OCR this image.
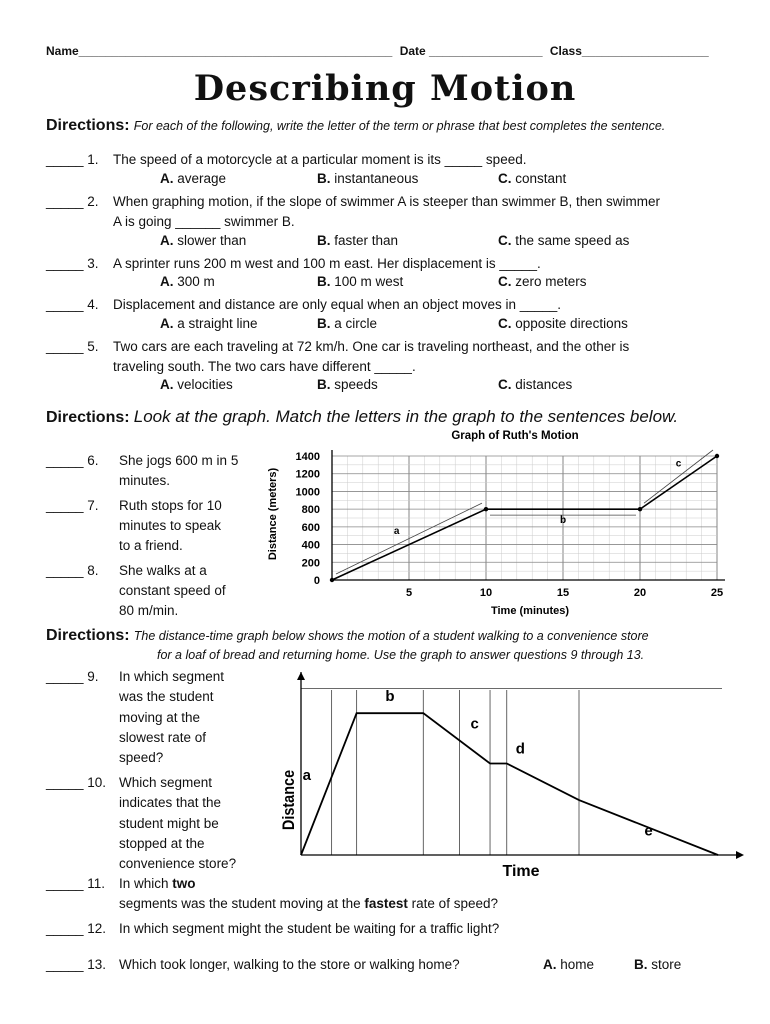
Name_______________________________________________ Date _________________ Class___________________
Describing Motion
Directions: For each of the following, write the letter of the term or phrase that best completes the sentence.
_____ 1. The speed of a motorcycle at a particular moment is its _____ speed.
A. average	B. instantaneous	C. constant
_____ 2. When graphing motion, if the slope of swimmer A is steeper than swimmer B, then swimmer
A is going ______ swimmer B.
A. slower than	B. faster than	C. the same speed as
_____ 3. A sprinter runs 200 m west and 100 m east. Her displacement is _____.
A. 300 m	B. 100 m west	C. zero meters
_____ 4. Displacement and distance are only equal when an object moves in _____.
A. a straight line	B. a circle	C. opposite directions
_____ 5. Two cars are each traveling at 72 km/h. One car is traveling northeast, and the other is
traveling south. The two cars have different _____.
A. velocities	B. speeds	C. distances
Directions: Look at the graph. Match the letters in the graph to the sentences below.
_____ 6. She jogs 600 m in 5
minutes.
_____ 7. Ruth stops for 10
minutes to speak
to a friend.
_____ 8. She walks at a
constant speed of
80 m/min.
Graph of Ruth's Motion
0
200
400
600
800
1000
1200
1400
5	10	15	20	25
Distance (meters)
Time (minutes)
a
b
c
Directions: The distance-time graph below shows the motion of a student walking to a convenience store
for a loaf of bread and returning home. Use the graph to answer questions 9 through 13.
_____ 9. In which segment
was the student
moving at the
slowest rate of
speed?
_____ 10. Which segment
indicates that the
student might be
stopped at the
convenience store?
_____ 11. In which two
segments was the student moving at the fastest rate of speed?
_____ 12. In which segment might the student be waiting for a traffic light?
_____ 13. Which took longer, walking to the store or walking home?	A. home	B. store
Distance
Time
a
b
c
d
e
